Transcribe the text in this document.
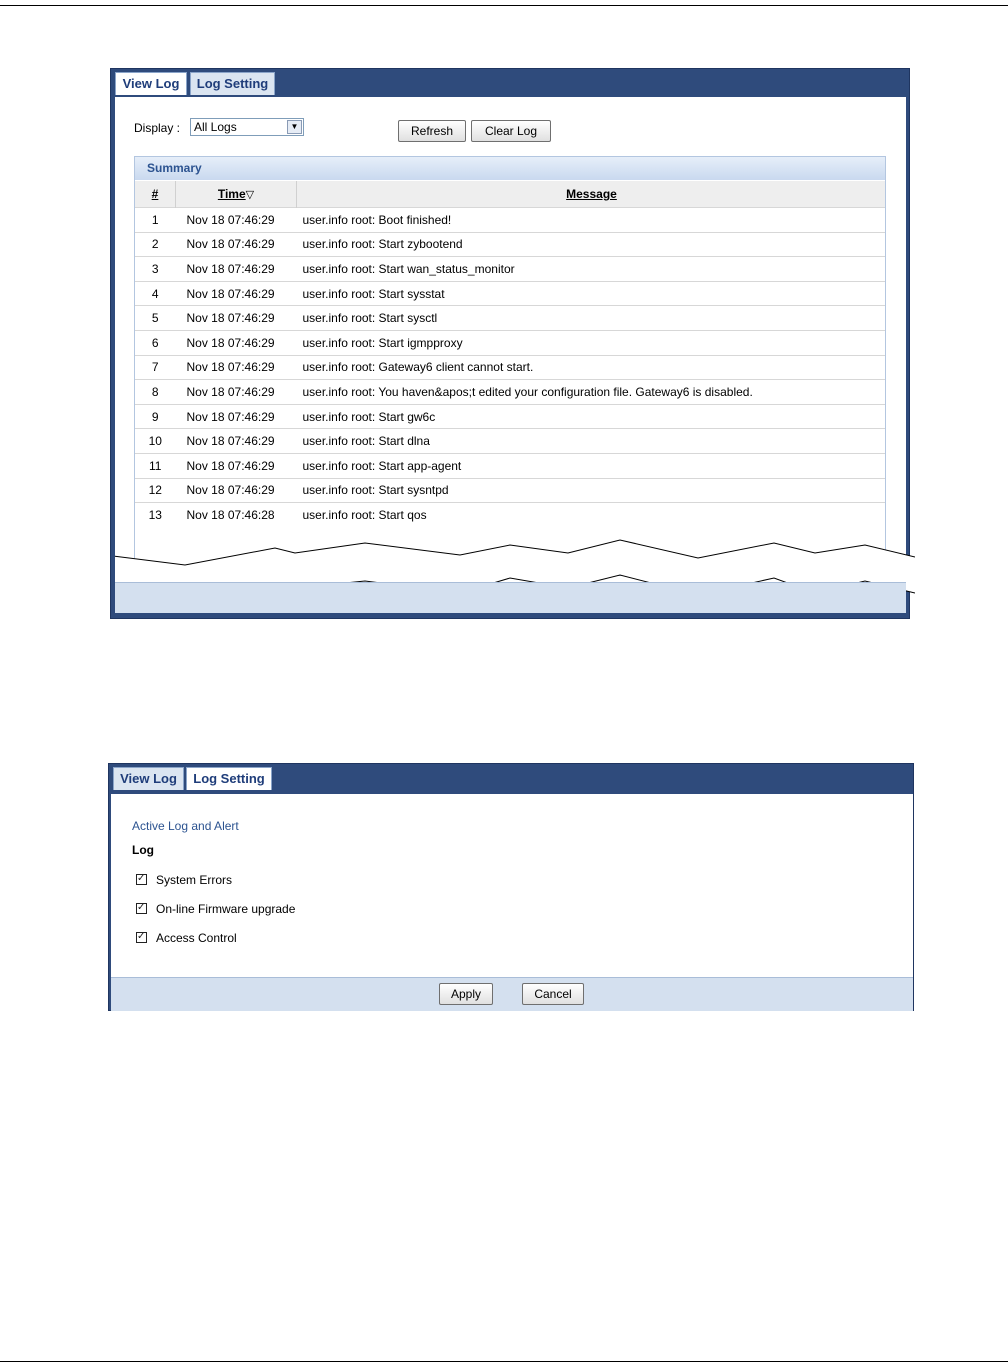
View Log	Log Setting
Display :	All Logs	▼	Refresh	Clear Log
Summary
#	Time▽	Message
1	Nov 18 07:46:29	user.info root: Boot finished!
2	Nov 18 07:46:29	user.info root: Start zybootend
3	Nov 18 07:46:29	user.info root: Start wan_status_monitor
4	Nov 18 07:46:29	user.info root: Start sysstat
5	Nov 18 07:46:29	user.info root: Start sysctl
6	Nov 18 07:46:29	user.info root: Start igmpproxy
7	Nov 18 07:46:29	user.info root: Gateway6 client cannot start.
8	Nov 18 07:46:29	user.info root: You haven&apos;t edited your configuration file. Gateway6 is disabled.
9	Nov 18 07:46:29	user.info root: Start gw6c
10	Nov 18 07:46:29	user.info root: Start dlna
11	Nov 18 07:46:29	user.info root: Start app-agent
12	Nov 18 07:46:29	user.info root: Start sysntpd
13	Nov 18 07:46:28	user.info root: Start qos
View Log	Log Setting
Active Log and Alert
Log
✓System Errors
✓On-line Firmware upgrade
✓Access Control
Apply	Cancel
